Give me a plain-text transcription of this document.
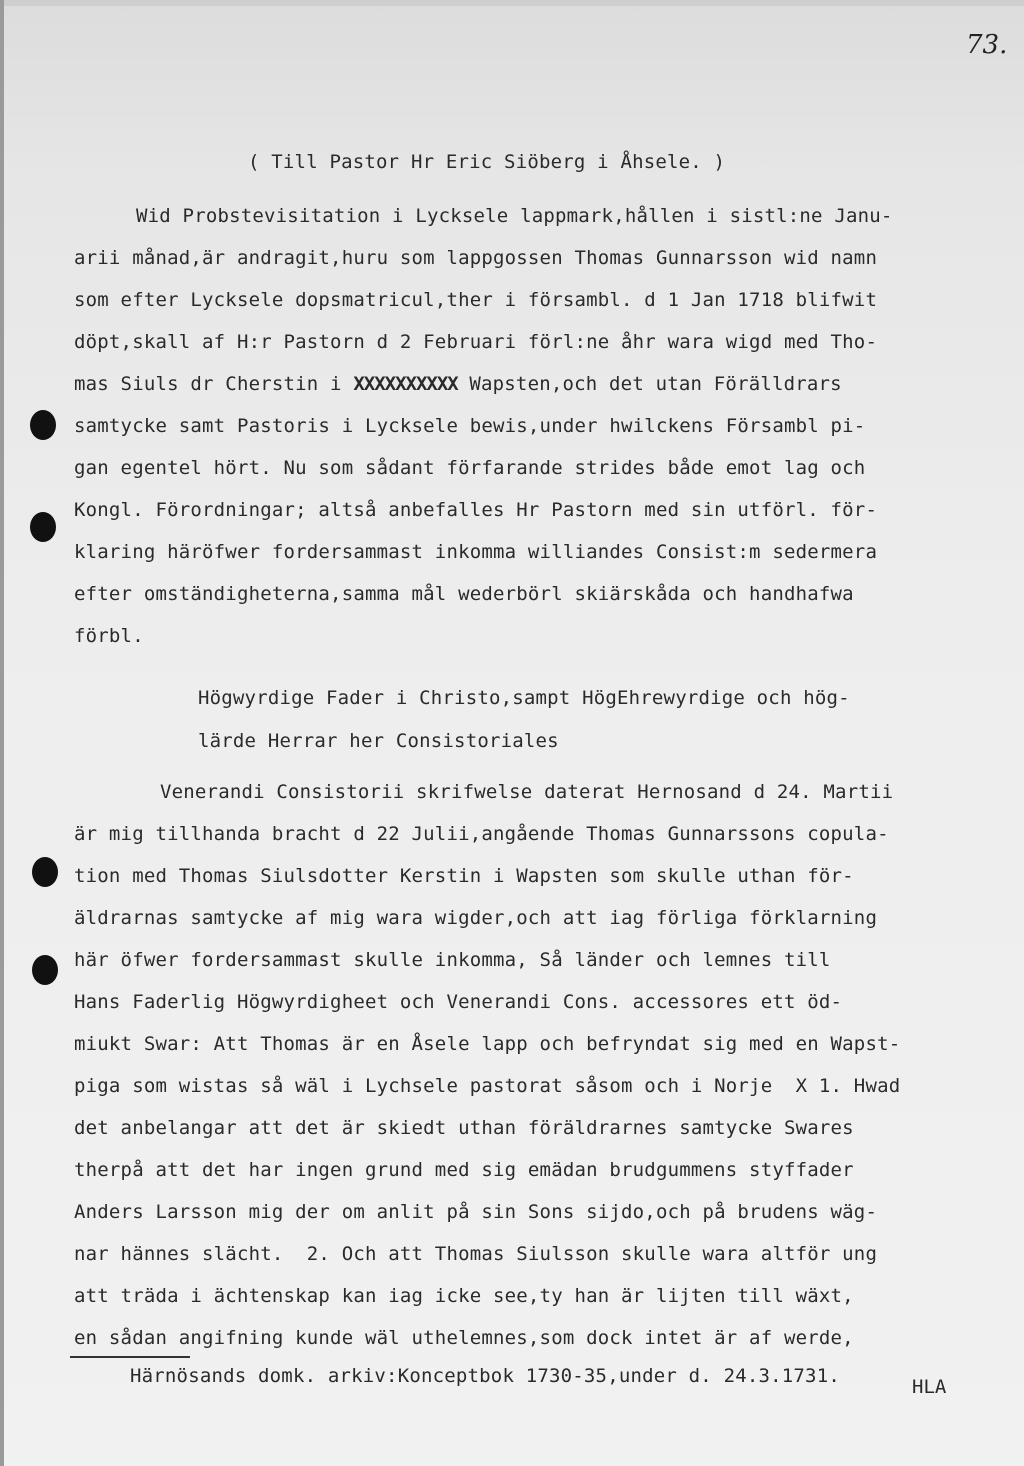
73.
( Till Pastor Hr Eric Siöberg i Åhsele. )
Wid Probstevisitation i Lycksele lappmark,hållen i sistl:ne Janu-
arii månad,är andragit,huru som lappgossen Thomas Gunnarsson wid namn
som efter Lycksele dopsmatricul,ther i försambl. d 1 Jan 1718 blifwit
döpt,skall af H:r Pastorn d 2 Februari förl:ne åhr wara wigd med Tho-
mas Siuls dr Cherstin i XXXXXXXXXX Wapsten,och det utan Förälldrars
samtycke samt Pastoris i Lycksele bewis,under hwilckens Försambl pi-
gan egentel hört. Nu som sådant förfarande strides både emot lag och
Kongl. Förordningar; altså anbefalles Hr Pastorn med sin utförl. för-
klaring häröfwer fordersammast inkomma williandes Consist:m sedermera
efter omständigheterna,samma mål wederbörl skiärskåda och handhafwa
förbl.
Högwyrdige Fader i Christo,sampt HögEhrewyrdige och hög-
lärde Herrar her Consistoriales
Venerandi Consistorii skrifwelse daterat Hernosand d 24. Martii
är mig tillhanda bracht d 22 Julii,angående Thomas Gunnarssons copula-
tion med Thomas Siulsdotter Kerstin i Wapsten som skulle uthan för-
äldrarnas samtycke af mig wara wigder,och att iag förliga förklarning
här öfwer fordersammast skulle inkomma, Så länder och lemnes till
Hans Faderlig Högwyrdigheet och Venerandi Cons. accessores ett öd-
miukt Swar: Att Thomas är en Åsele lapp och befryndat sig med en Wapst-
piga som wistas så wäl i Lychsele pastorat såsom och i Norje  X 1. Hwad
det anbelangar att det är skiedt uthan föräldrarnes samtycke Swares
therpå att det har ingen grund med sig emädan brudgummens styffader
Anders Larsson mig der om anlit på sin Sons sijdo,och på brudens wäg-
nar hännes slächt.  2. Och att Thomas Siulsson skulle wara altför ung
att träda i ächtenskap kan iag icke see,ty han är lijten till wäxt,
en sådan angifning kunde wäl uthelemnes,som dock intet är af werde,
Härnösands domk. arkiv:Konceptbok 1730-35,under d. 24.3.1731.	HLA
